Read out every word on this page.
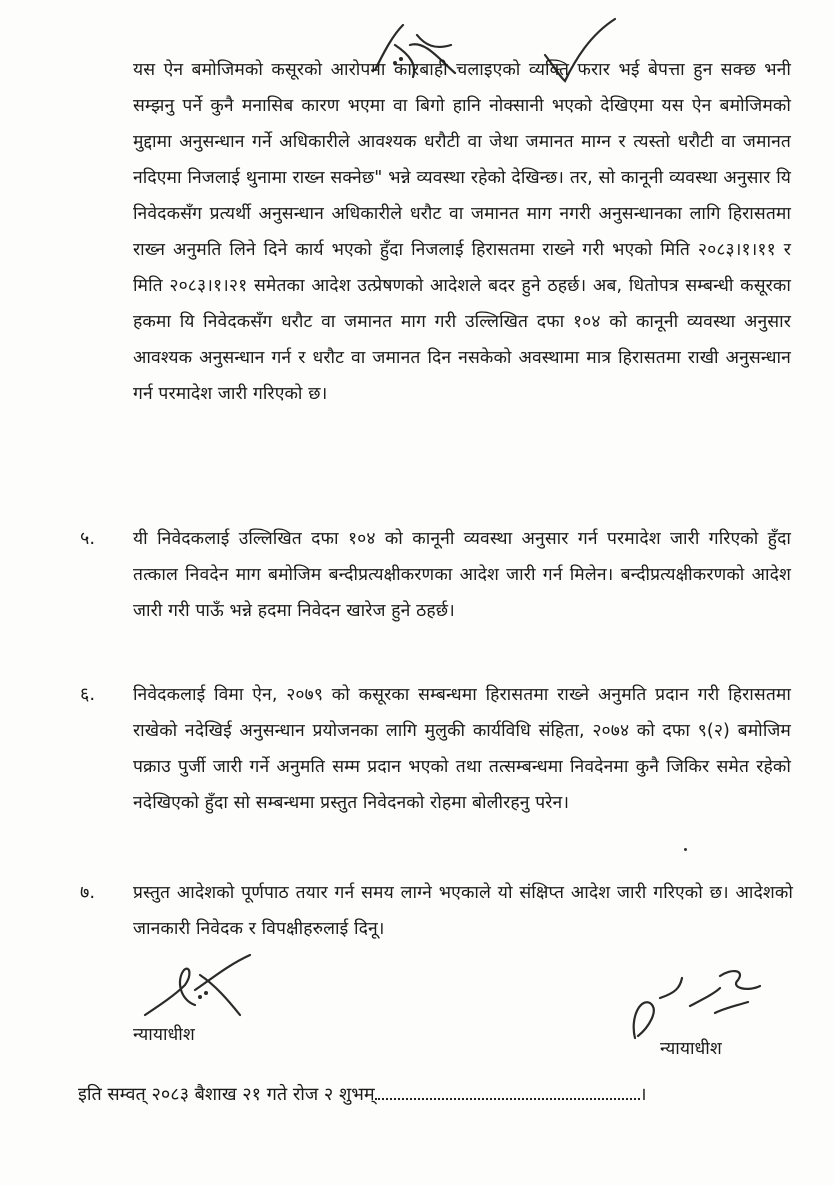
यस ऐन बमोजिमको कसूरको आरोपमा कारबाही चलाइएको व्यक्ति फरार भई बेपत्ता हुन सक्छ भनी सम्झनु पर्ने कुनै मनासिब कारण भएमा वा बिगो हानि नोक्सानी भएको देखिएमा यस ऐन बमोजिमको मुद्दामा अनुसन्धान गर्ने अधिकारीले आवश्यक धरौटी वा जेथा जमानत माग्न र त्यस्तो धरौटी वा जमानत नदिएमा निजलाई थुनामा राख्न सक्नेछ" भन्ने व्यवस्था रहेको देखिन्छ। तर, सो कानूनी व्यवस्था अनुसार यि निवेदकसँग प्रत्यर्थी अनुसन्धान अधिकारीले धरौट वा जमानत माग नगरी अनुसन्धानका लागि हिरासतमा राख्न अनुमति लिने दिने कार्य भएको हुँदा निजलाई हिरासतमा राख्ने गरी भएको मिति २०८३।१।११ र मिति २०८३।१।२१ समेतका आदेश उत्प्रेषणको आदेशले बदर हुने ठहर्छ। अब, धितोपत्र सम्बन्धी कसूरका हकमा यि निवेदकसँग धरौट वा जमानत माग गरी उल्लिखित दफा १०४ को कानूनी व्यवस्था अनुसार आवश्यक अनुसन्धान गर्न र धरौट वा जमानत दिन नसकेको अवस्थामा मात्र हिरासतमा राखी अनुसन्धान गर्न परमादेश जारी गरिएको छ।
५. यी निवेदकलाई उल्लिखित दफा १०४ को कानूनी व्यवस्था अनुसार गर्न परमादेश जारी गरिएको हुँदा तत्काल निवदेन माग बमोजिम बन्दीप्रत्यक्षीकरणका आदेश जारी गर्न मिलेन। बन्दीप्रत्यक्षीकरणको आदेश जारी गरी पाऊँ भन्ने हदमा निवेदन खारेज हुने ठहर्छ।
६. निवेदकलाई विमा ऐन, २०७९ को कसूरका सम्बन्धमा हिरासतमा राख्ने अनुमति प्रदान गरी हिरासतमा राखेको नदेखिई अनुसन्धान प्रयोजनका लागि मुलुकी कार्यविधि संहिता, २०७४ को दफा ९(२) बमोजिम पक्राउ पुर्जी जारी गर्ने अनुमति सम्म प्रदान भएको तथा तत्सम्बन्धमा निवदेनमा कुनै जिकिर समेत रहेको नदेखिएको हुँदा सो सम्बन्धमा प्रस्तुत निवेदनको रोहमा बोलीरहनु परेन।
७. प्रस्तुत आदेशको पूर्णपाठ तयार गर्न समय लाग्ने भएकाले यो संक्षिप्त आदेश जारी गरिएको छ। आदेशको जानकारी निवेदक र विपक्षीहरुलाई दिनू।
न्यायाधीश
न्यायाधीश
इति सम्वत् २०८३ बैशाख २१ गते रोज २ शुभम्	।
